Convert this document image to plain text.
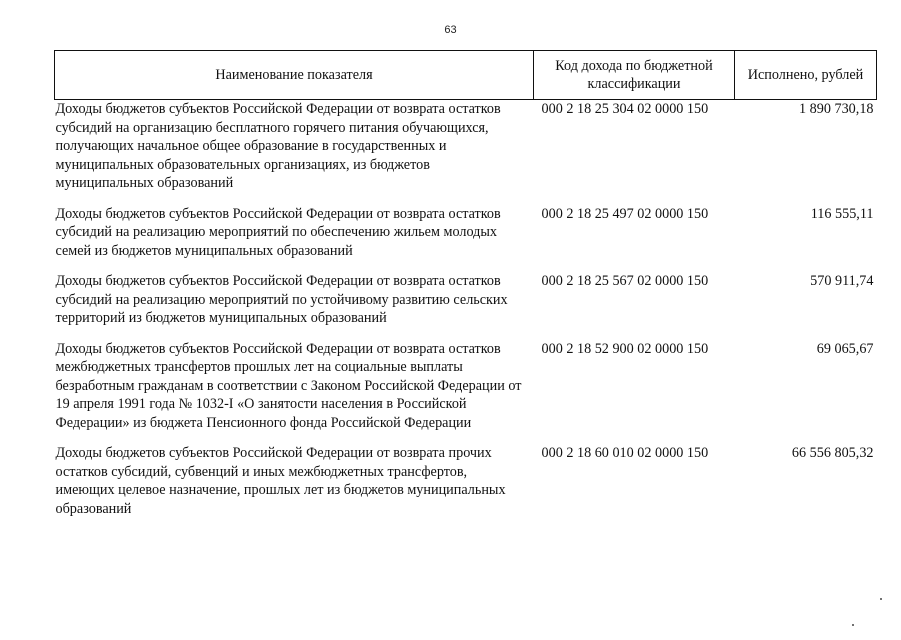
63
Наименование показателя	Код дохода по бюджетной классификации	Исполнено, рублей
Доходы бюджетов субъектов Российской Федерации от возврата остатков субсидий на организацию бесплатного горячего питания обучающихся, получающих начальное общее образование в государственных и муниципальных образовательных организациях, из бюджетов муниципальных образований	000 2 18 25 304 02 0000 150	1 890 730,18
Доходы бюджетов субъектов Российской Федерации от возврата остатков субсидий на реализацию мероприятий по обеспечению жильем молодых семей из бюджетов муниципальных образований	000 2 18 25 497 02 0000 150	116 555,11
Доходы бюджетов субъектов Российской Федерации от возврата остатков субсидий на реализацию мероприятий по устойчивому развитию сельских территорий из бюджетов муниципальных образований	000 2 18 25 567 02 0000 150	570 911,74
Доходы бюджетов субъектов Российской Федерации от возврата остатков межбюджетных трансфертов прошлых лет на социальные выплаты безработным гражданам в соответствии с Законом Российской Федерации от 19 апреля 1991 года № 1032-I «О занятости населения в Российской Федерации» из бюджета Пенсионного фонда Российской Федерации	000 2 18 52 900 02 0000 150	69 065,67
Доходы бюджетов субъектов Российской Федерации от возврата прочих остатков субсидий, субвенций и иных межбюджетных трансфертов, имеющих целевое назначение, прошлых лет из бюджетов муниципальных образований	000 2 18 60 010 02 0000 150	66 556 805,32
